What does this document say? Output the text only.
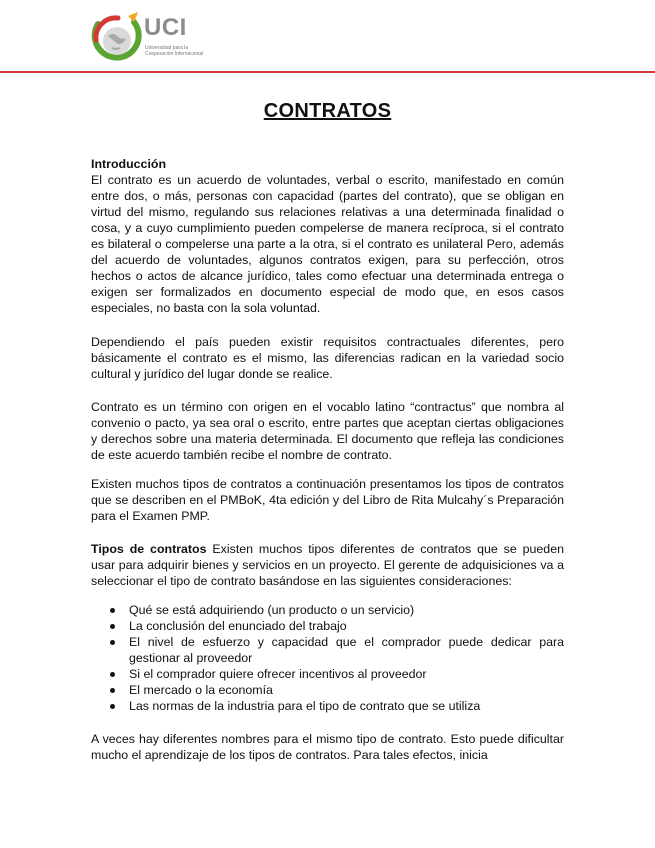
UCI
Universidad para la
Cooperación Internacional
CONTRATOS

Introducción

El contrato es un acuerdo de voluntades, verbal o escrito, manifestado en común entre dos, o más, personas con capacidad (partes del contrato), que se obligan en virtud del mismo, regulando sus relaciones relativas a una determinada finalidad o cosa, y a cuyo cumplimiento pueden compelerse de manera recíproca, si el contrato es bilateral o compelerse una parte a la otra, si el contrato es unilateral Pero, además del acuerdo de voluntades, algunos contratos exigen, para su perfección, otros hechos o actos de alcance jurídico, tales como efectuar una determinada entrega o exigen ser formalizados en documento especial de modo que, en esos casos especiales, no basta con la sola voluntad.

Dependiendo el país pueden existir requisitos contractuales diferentes, pero básicamente el contrato es el mismo, las diferencias radican en la variedad socio cultural y jurídico del lugar donde se realice.

Contrato es un término con origen en el vocablo latino “contractus” que nombra al convenio o pacto, ya sea oral o escrito, entre partes que aceptan ciertas obligaciones y derechos sobre una materia determinada. El documento que refleja las condiciones de este acuerdo también recibe el nombre de contrato.

Existen muchos tipos de contratos a continuación presentamos los tipos de contratos que se describen en el PMBoK, 4ta edición y del Libro de Rita Mulcahy´s Preparación para el Examen PMP.

Tipos de contratos Existen muchos tipos diferentes de contratos que se pueden usar para adquirir bienes y servicios en un proyecto. El gerente de adquisiciones va a seleccionar el tipo de contrato basándose en las siguientes consideraciones:

Qué se está adquiriendo (un producto o un servicio)
La conclusión del enunciado del trabajo
El nivel de esfuerzo y capacidad que el comprador puede dedicar para gestionar al proveedor
Si el comprador quiere ofrecer incentivos al proveedor
El mercado o la economía
Las normas de la industria para el tipo de contrato que se utiliza

A veces hay diferentes nombres para el mismo tipo de contrato. Esto puede dificultar mucho el aprendizaje de los tipos de contratos. Para tales efectos, inicia
